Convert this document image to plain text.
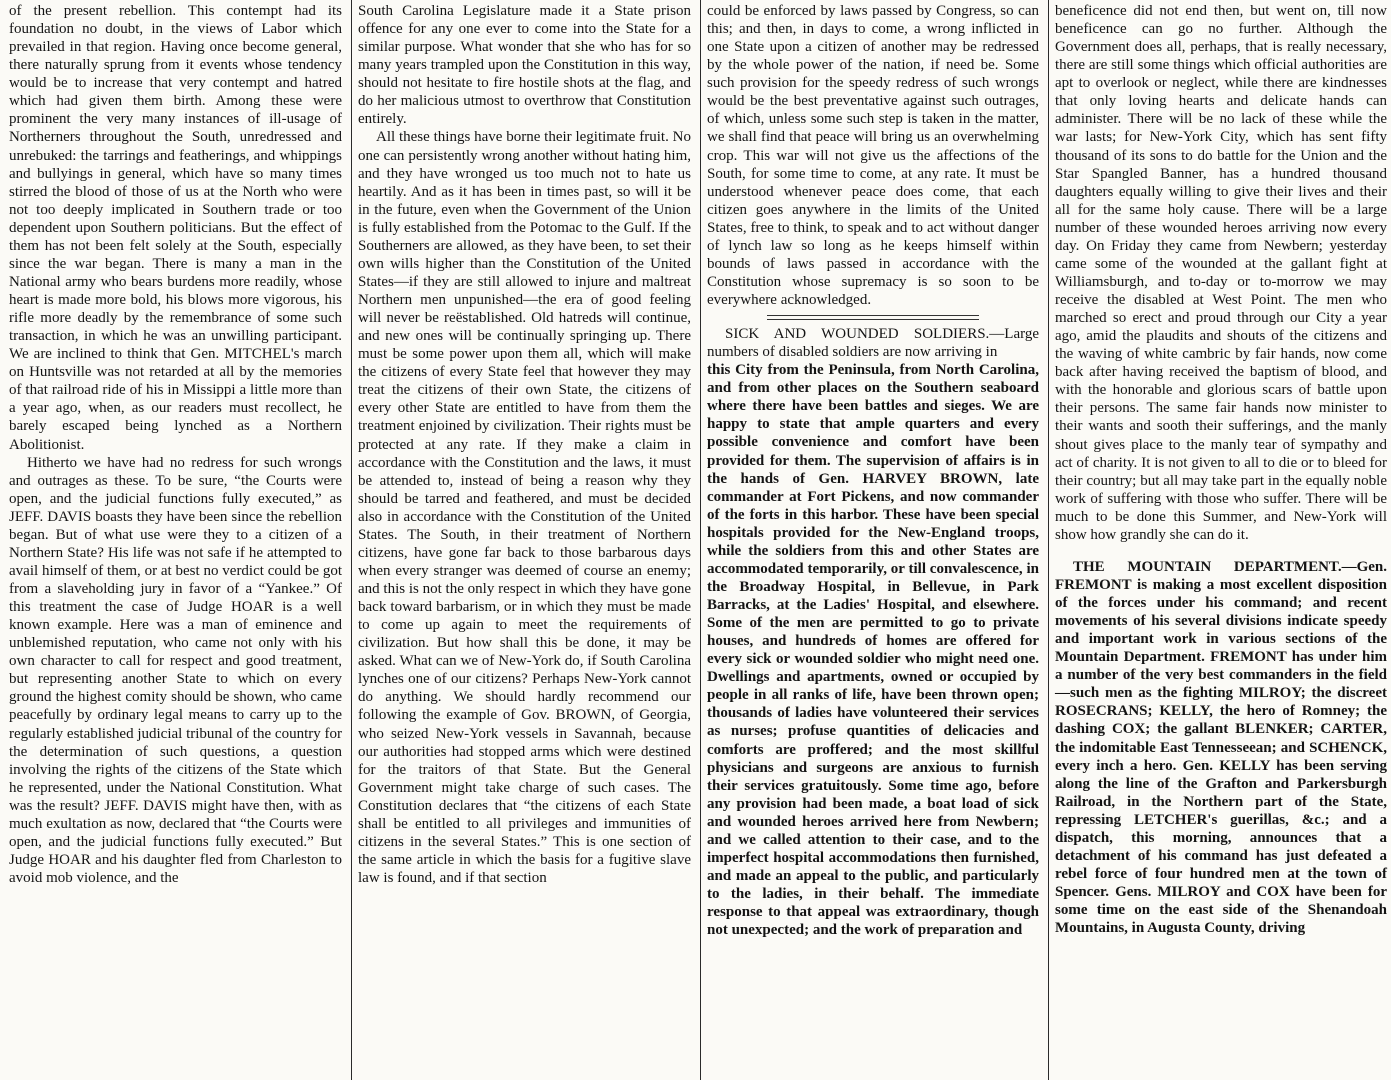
of the present rebellion. This contempt had its foundation no doubt, in the views of Labor which prevailed in that region. Having once become general, there naturally sprung from it events whose tendency would be to increase that very contempt and hatred which had given them birth. Among these were prominent the very many instances of ill-usage of Northerners throughout the South, unredressed and unrebuked: the tarrings and featherings, and whippings and bullyings in general, which have so many times stirred the blood of those of us at the North who were not too deeply implicated in Southern trade or too dependent upon Southern politicians. But the effect of them has not been felt solely at the South, especially since the war began. There is many a man in the National army who bears burdens more readily, whose heart is made more bold, his blows more vigorous, his rifle more deadly by the remembrance of some such transaction, in which he was an unwilling participant. We are inclined to think that Gen. MITCHEL's march on Huntsville was not retarded at all by the memories of that railroad ride of his in Missippi a little more than a year ago, when, as our readers must recollect, he barely escaped being lynched as a Northern Abolitionist.

Hitherto we have had no redress for such wrongs and outrages as these. To be sure, “the Courts were open, and the judicial functions fully executed,” as JEFF. DAVIS boasts they have been since the rebellion began. But of what use were they to a citizen of a Northern State? His life was not safe if he attempted to avail himself of them, or at best no verdict could be got from a slaveholding jury in favor of a “Yankee.” Of this treatment the case of Judge HOAR is a well known example. Here was a man of eminence and unblemished reputation, who came not only with his own character to call for respect and good treatment, but representing another State to which on every ground the highest comity should be shown, who came peacefully by ordinary legal means to carry up to the regularly established judicial tribunal of the country for the determination of such questions, a question involving the rights of the citizens of the State which he represented, under the National Constitution. What was the result? JEFF. DAVIS might have then, with as much exultation as now, declared that “the Courts were open, and the judicial functions fully executed.” But Judge HOAR and his daughter fled from Charleston to avoid mob violence, and the

South Carolina Legislature made it a State prison offence for any one ever to come into the State for a similar purpose. What wonder that she who has for so many years trampled upon the Constitution in this way, should not hesitate to fire hostile shots at the flag, and do her malicious utmost to overthrow that Constitution entirely.

All these things have borne their legitimate fruit. No one can persistently wrong another without hating him, and they have wronged us too much not to hate us heartily. And as it has been in times past, so will it be in the future, even when the Government of the Union is fully established from the Potomac to the Gulf. If the Southerners are allowed, as they have been, to set their own wills higher than the Constitution of the United States—if they are still allowed to injure and maltreat Northern men unpunished—the era of good feeling will never be reëstablished. Old hatreds will continue, and new ones will be continually springing up. There must be some power upon them all, which will make the citizens of every State feel that however they may treat the citizens of their own State, the citizens of every other State are entitled to have from them the treatment enjoined by civilization. Their rights must be protected at any rate. If they make a claim in accordance with the Constitution and the laws, it must be attended to, instead of being a reason why they should be tarred and feathered, and must be decided also in accordance with the Constitution of the United States. The South, in their treatment of Northern citizens, have gone far back to those barbarous days when every stranger was deemed of course an enemy; and this is not the only respect in which they have gone back toward barbarism, or in which they must be made to come up again to meet the requirements of civilization. But how shall this be done, it may be asked. What can we of New-York do, if South Carolina lynches one of our citizens? Perhaps New-York cannot do anything. We should hardly recommend our following the example of Gov. BROWN, of Georgia, who seized New-York vessels in Savannah, because our authorities had stopped arms which were destined for the traitors of that State. But the General Government might take charge of such cases. The Constitution declares that “the citizens of each State shall be entitled to all privileges and immunities of citizens in the several States.” This is one section of the same article in which the basis for a fugitive slave law is found, and if that section

could be enforced by laws passed by Congress, so can this; and then, in days to come, a wrong inflicted in one State upon a citizen of another may be redressed by the whole power of the nation, if need be. Some such provision for the speedy redress of such wrongs would be the best preventative against such outrages, of which, unless some such step is taken in the matter, we shall find that peace will bring us an overwhelming crop. This war will not give us the affections of the South, for some time to come, at any rate. It must be understood whenever peace does come, that each citizen goes anywhere in the limits of the United States, free to think, to speak and to act without danger of lynch law so long as he keeps himself within bounds of laws passed in accordance with the Constitution whose supremacy is so soon to be everywhere acknowledged.

SICK AND WOUNDED SOLDIERS.—Large numbers of disabled soldiers are now arriving in

this City from the Peninsula, from North Carolina, and from other places on the Southern seaboard where there have been battles and sieges. We are happy to state that ample quarters and every possible convenience and comfort have been provided for them. The supervision of affairs is in the hands of Gen. HARVEY BROWN, late commander at Fort Pickens, and now commander of the forts in this harbor. These have been special hospitals provided for the New-England troops, while the soldiers from this and other States are accommodated temporarily, or till convalescence, in the Broadway Hospital, in Bellevue, in Park Barracks, at the Ladies' Hospital, and elsewhere. Some of the men are permitted to go to private houses, and hundreds of homes are offered for every sick or wounded soldier who might need one. Dwellings and apartments, owned or occupied by people in all ranks of life, have been thrown open; thousands of ladies have volunteered their services as nurses; profuse quantities of delicacies and comforts are proffered; and the most skillful physicians and surgeons are anxious to furnish their services gratuitously. Some time ago, before any provision had been made, a boat load of sick and wounded heroes arrived here from Newbern; and we called attention to their case, and to the imperfect hospital accommodations then furnished, and made an appeal to the public, and particularly to the ladies, in their behalf. The immediate response to that appeal was extraordinary, though not unexpected; and the work of preparation and

beneficence did not end then, but went on, till now beneficence can go no further. Although the Government does all, perhaps, that is really necessary, there are still some things which official authorities are apt to overlook or neglect, while there are kindnesses that only loving hearts and delicate hands can administer. There will be no lack of these while the war lasts; for New-York City, which has sent fifty thousand of its sons to do battle for the Union and the Star Spangled Banner, has a hundred thousand daughters equally willing to give their lives and their all for the same holy cause. There will be a large number of these wounded heroes arriving now every day. On Friday they came from Newbern; yesterday came some of the wounded at the gallant fight at Williamsburgh, and to-day or to-morrow we may receive the disabled at West Point. The men who marched so erect and proud through our City a year ago, amid the plaudits and shouts of the citizens and the waving of white cambric by fair hands, now come back after having received the baptism of blood, and with the honorable and glorious scars of battle upon their persons. The same fair hands now minister to their wants and sooth their sufferings, and the manly shout gives place to the manly tear of sympathy and act of charity. It is not given to all to die or to bleed for their country; but all may take part in the equally noble work of suffering with those who suffer. There will be much to be done this Summer, and New-York will show how grandly she can do it.

THE MOUNTAIN DEPARTMENT.—Gen. FREMONT is making a most excellent disposition of the forces under his command; and recent movements of his several divisions indicate speedy and important work in various sections of the Mountain Department. FREMONT has under him a number of the very best commanders in the field—such men as the fighting MILROY; the discreet ROSECRANS; KELLY, the hero of Romney; the dashing COX; the gallant BLENKER; CARTER, the indomitable East Tennesseean; and SCHENCK, every inch a hero. Gen. KELLY has been serving along the line of the Grafton and Parkersburgh Railroad, in the Northern part of the State, repressing LETCHER's guerillas, &c.; and a dispatch, this morning, announces that a detachment of his command has just defeated a rebel force of four hundred men at the town of Spencer. Gens. MILROY and COX have been for some time on the east side of the Shenandoah Mountains, in Augusta County, driving
